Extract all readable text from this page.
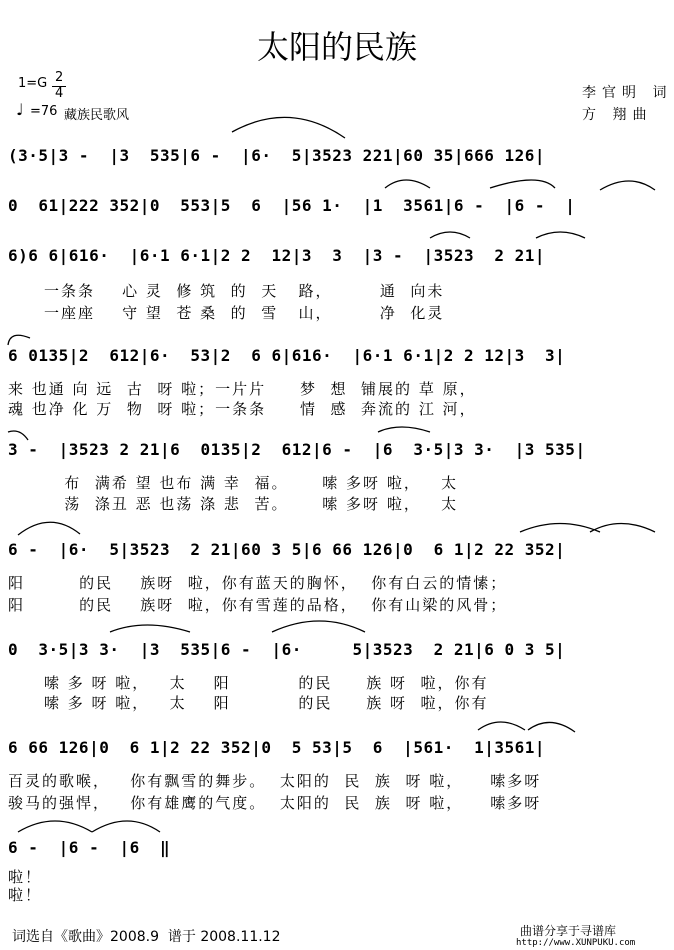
太阳的民族
1=G 2
4
♩ =76 藏族民歌风
李官明 词
方 翔曲
(3·5|3 -  |3  535|6 -  |6·  5|3523 221|60 35|666 126|
0  61|222 352|0  553|5  6  |56 1·  |1  3561|6 -  |6 -  |
6)6 6|616·  |6·1 6·1|2 2  12|3  3  |3 -  |3523  2 21|
一条条    心 灵  修 筑  的  天   路，       通  向未
一座座    守 望  苍 桑  的  雪   山，       净  化灵
6 0135|2  612|6·  53|2  6 6|616·  |6·1 6·1|2 2 12|3  3|
来 也通 向 远  古  呀 啦；一片片     梦  想  铺展的 草 原，
魂 也净 化 万  物  呀 啦；一条条     情  感  奔流的 江 河，
3 -  |3523 2 21|6  0135|2  612|6 -  |6  3·5|3 3·  |3 535|
布  满希 望 也布 满 幸  福。     嗦 多呀 啦，   太
荡  涤丑 恶 也荡 涤 悲  苦。     嗦 多呀 啦，   太
6 -  |6·  5|3523  2 21|60 3 5|6 66 126|0  6 1|2 22 352|
阳        的民    族呀  啦，你有蓝天的胸怀，  你有白云的情愫；
阳        的民    族呀  啦，你有雪莲的品格，  你有山梁的风骨；
0  3·5|3 3·  |3  535|6 -  |6·     5|3523  2 21|6 0 3 5|
嗦 多 呀 啦，   太    阳          的民     族 呀  啦，你有
嗦 多 呀 啦，   太    阳          的民     族 呀  啦，你有
6 66 126|0  6 1|2 22 352|0  5 53|5  6  |561·  1|3561|
百灵的歌喉，   你有飘雪的舞步。  太阳的  民  族  呀 啦，    嗦多呀
骏马的强悍，   你有雄鹰的气度。  太阳的  民  族  呀 啦，    嗦多呀
6 -  |6 -  |6  ‖
啦！
啦！
词选自《歌曲》2008.9  谱于 2008.11.12	曲谱分享于寻谱库
http://www.XUNPUKU.com
